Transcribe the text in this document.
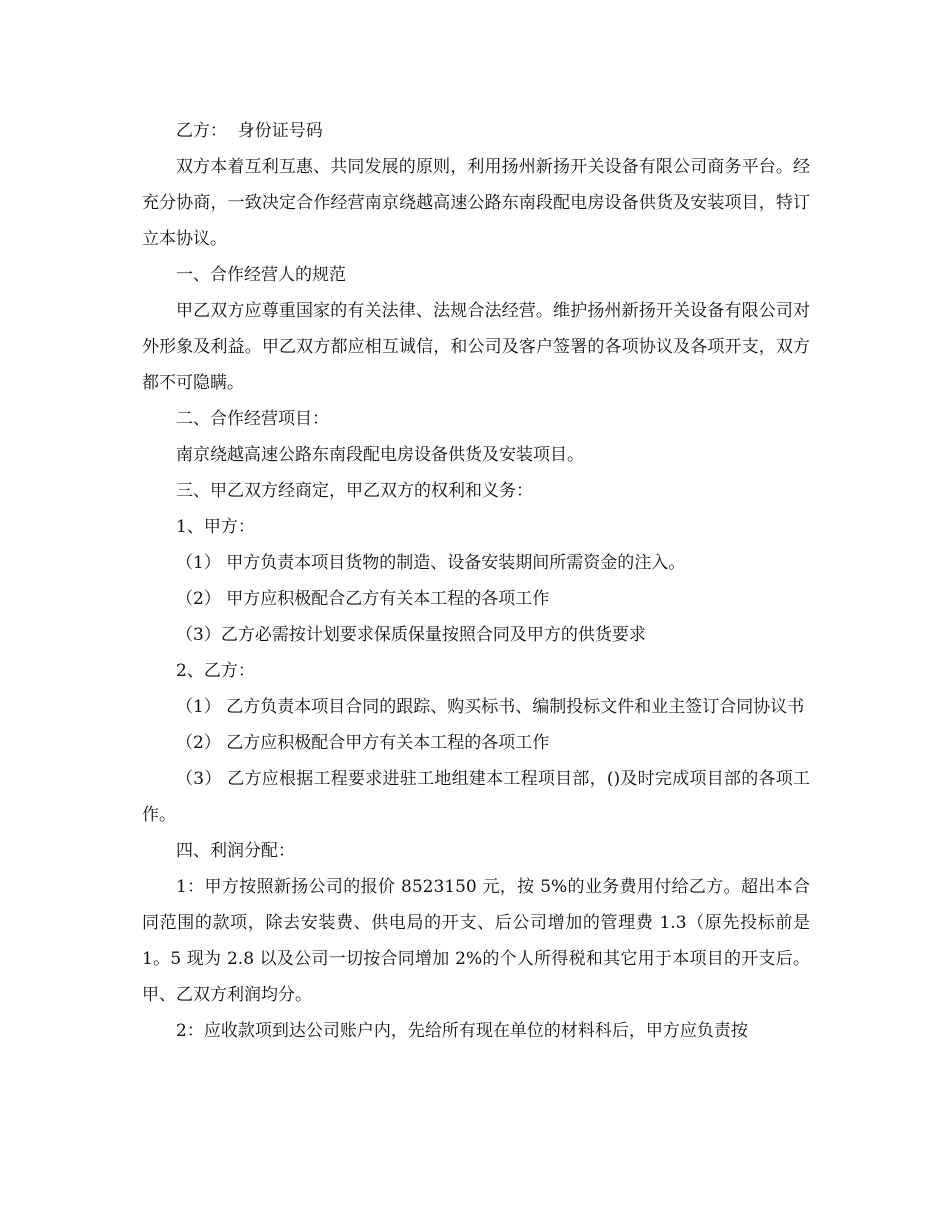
乙方：  身份证号码

双方本着互利互惠、共同发展的原则，利用扬州新扬开关设备有限公司商务平台。经充分协商，一致决定合作经营南京绕越高速公路东南段配电房设备供货及安装项目，特订立本协议。

一、合作经营人的规范

甲乙双方应尊重国家的有关法律、法规合法经营。维护扬州新扬开关设备有限公司对外形象及利益。甲乙双方都应相互诚信，和公司及客户签署的各项协议及各项开支，双方都不可隐瞒。

二、合作经营项目：

南京绕越高速公路东南段配电房设备供货及安装项目。

三、甲乙双方经商定，甲乙双方的权利和义务：

1、甲方：

（1） 甲方负责本项目货物的制造、设备安装期间所需资金的注入。

（2） 甲方应积极配合乙方有关本工程的各项工作

（3）乙方必需按计划要求保质保量按照合同及甲方的供货要求

2、乙方：

（1） 乙方负责本项目合同的跟踪、购买标书、编制投标文件和业主签订合同协议书

（2） 乙方应积极配合甲方有关本工程的各项工作

（3） 乙方应根据工程要求进驻工地组建本工程项目部，()及时完成项目部的各项工作。

四、利润分配：

1：甲方按照新扬公司的报价 8523150 元，按 5%的业务费用付给乙方。超出本合同范围的款项，除去安装费、供电局的开支、后公司增加的管理费 1.3（原先投标前是 1。5 现为 2.8 以及公司一切按合同增加 2%的个人所得税和其它用于本项目的开支后。甲、乙双方利润均分。

2：应收款项到达公司账户内，先给所有现在单位的材料科后，甲方应负责按
